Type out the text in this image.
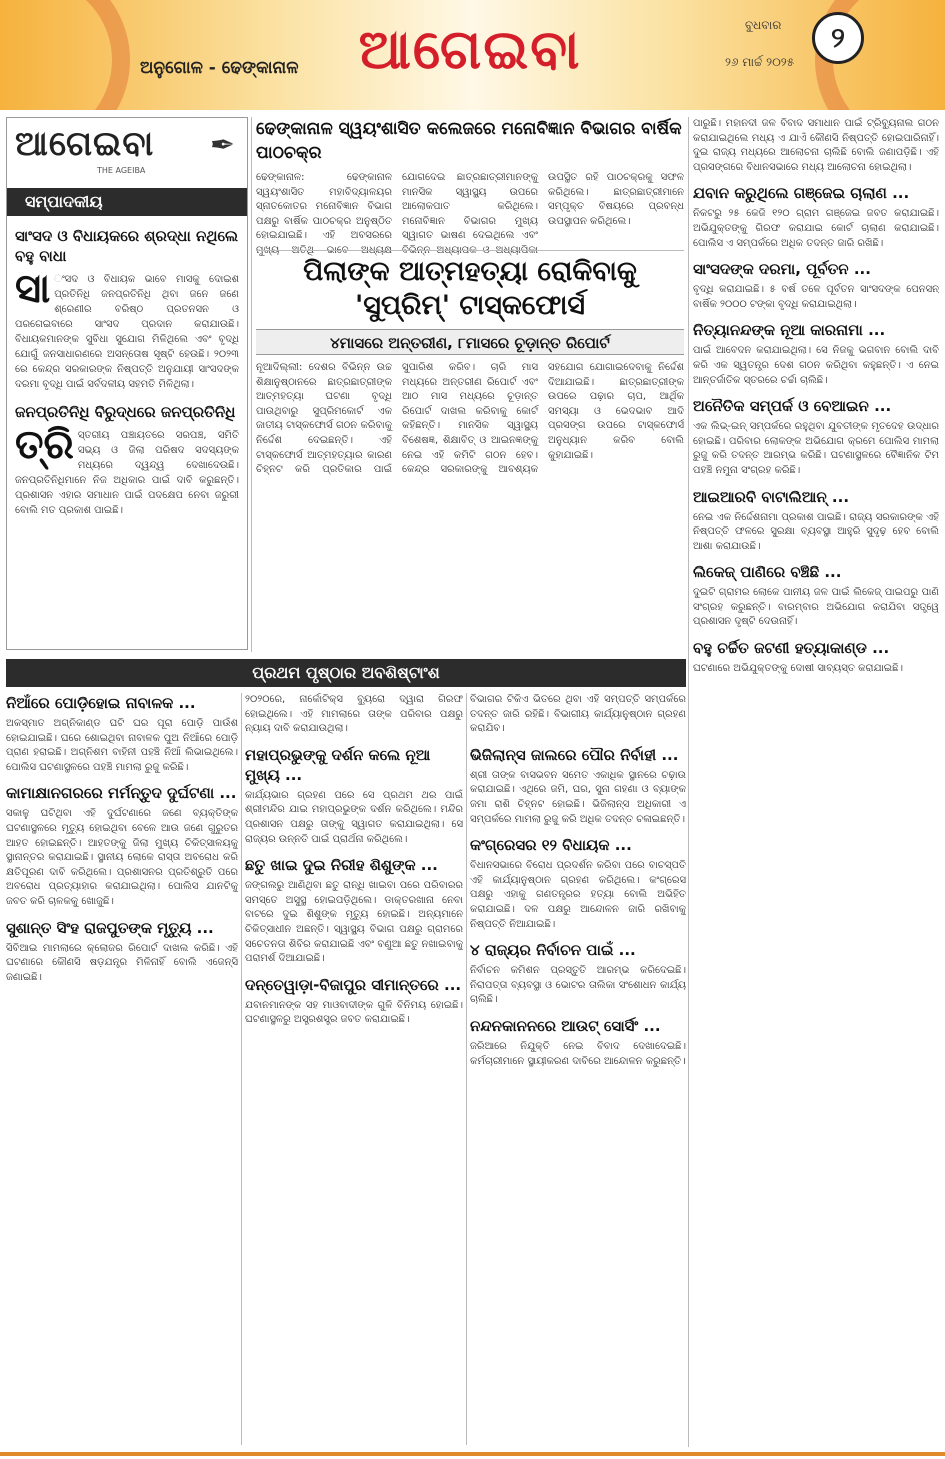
ଅନୁଗୋଳ - ଢେଙ୍କାନାଳ	ଆଗେଇବା	ବୁଧବାର
୨୬ ମାର୍ଚ୍ଚ ୨୦୨୫
୨
ଆଗେଇବା
THE AGEIBA
✒
ସମ୍ପାଦକୀୟ
ସାଂସଦ ଓ ବିଧାୟକରେ ଶ୍ରଦ୍ଧା ନଥିଲେ ବହୁ ବାଧା

ସା ଂସଦ ଓ ବିଧାୟକ ଭାବେ ମାସକୁ ଦୋଇଶ ପ୍ରତିନିଧି ଜନପ୍ରତିନିଧି ଥିବା ଜନେ ଜଣେ ଶ୍ରେଣୀର ବରିଷ୍ଠ ପ୍ରତନସନ ଓ ପରଗେଇବାରେ ସାଂସଦ ପ୍ରଦାନ କରାଯାଉଛି। ବିଧାୟକମାନଙ୍କ ସୁବିଧା ସୁଯୋଗ ମିଳିଥିଲେ ଏବଂ ବୃଦ୍ଧି ଯୋଗୁଁ ଜନସାଧାରଣରେ ଅସନ୍ତୋଷ ସୃଷ୍ଟି ହେଉଛି। ୨୦୨୩ ରେ କେନ୍ଦ୍ର ସରକାରଙ୍କ ନିଷ୍ପତ୍ତି ଅନୁଯାୟୀ ସାଂସଦଙ୍କ ଦରମା ବୃଦ୍ଧି ପାଇଁ ସର୍ବଦଳୀୟ ସହମତି ମିଳିଥିଲା।

ଜନପ୍ରତିନିଧି ବିରୁଦ୍ଧରେ ଜନପ୍ରତିନିଧି

ତ୍ରି ସ୍ତରୀୟ ପଞ୍ଚାୟତରେ ସରପଞ୍ଚ, ସମିତି ସଭ୍ୟ ଓ ଜିଲା ପରିଷଦ ସଦସ୍ୟଙ୍କ ମଧ୍ୟରେ ଦ୍ୱନ୍ଦ୍ୱ ଦେଖାଦେଉଛି। ଜନପ୍ରତିନିଧିମାନେ ନିଜ ଅଧିକାର ପାଇଁ ଦାବି କରୁଛନ୍ତି। ପ୍ରଶାସନ ଏହାର ସମାଧାନ ପାଇଁ ପଦକ୍ଷେପ ନେବା ଜରୁରୀ ବୋଲି ମତ ପ୍ରକାଶ ପାଇଛି।

ଢେଙ୍କାନାଳ ସ୍ୱୟଂଶାସିତ କଲେଜରେ ମନୋବିଜ୍ଞାନ ବିଭାଗର ବାର୍ଷିକ ପାଠଚକ୍ର

ଢେଙ୍କାନାଳ: ଢେଙ୍କାନାଳ ସ୍ୱୟଂଶାସିତ ମହାବିଦ୍ୟାଳୟର ସ୍ନାତକୋତର ମନୋବିଜ୍ଞାନ ବିଭାଗ ପକ୍ଷରୁ ବାର୍ଷିକ ପାଠଚକ୍ର ଅନୁଷ୍ଠିତ ହୋଇଯାଇଛି। ଏହି ଅବସରରେ ଯୋଗଦେଇ ଛାତ୍ରଛାତ୍ରୀମାନଙ୍କୁ ମାନସିକ ସ୍ୱାସ୍ଥ୍ୟ ଉପରେ ଆଲୋକପାତ କରିଥିଲେ। ମନୋବିଜ୍ଞାନ ବିଭାଗର ମୁଖ୍ୟ ସ୍ୱାଗତ ଭାଷଣ ଦେଇଥିଲେ ଏବଂ ଉପସ୍ଥିତ ରହି ପାଠଚକ୍ରକୁ ସଫଳ କରିଥିଲେ। ଛାତ୍ରଛାତ୍ରୀମାନେ ସମ୍ପୃକ୍ତ ବିଷୟରେ ପ୍ରବନ୍ଧ ଉପସ୍ଥାପନ କରିଥିଲେ।

ପିଲାଙ୍କ ଆତ୍ମହତ୍ୟା ରୋକିବାକୁ 'ସୁପ୍ରିମ୍' ଟାସ୍କଫୋର୍ସ
୪ମାସରେ ଅନ୍ତରୀଣ, ୮ମାସରେ ଚୂଡ଼ାନ୍ତ ରିପୋର୍ଟ

ନୂଆଦିଲ୍ଲୀ: ଦେଶର ବିଭିନ୍ନ ଉଚ୍ଚ ଶିକ୍ଷାନୁଷ୍ଠାନରେ ଛାତ୍ରଛାତ୍ରୀଙ୍କ ଆତ୍ମହତ୍ୟା ଘଟଣା ବୃଦ୍ଧି ପାଉଥିବାରୁ ସୁପ୍ରିମକୋର୍ଟ ଏକ ଜାତୀୟ ଟାସ୍କଫୋର୍ସ ଗଠନ କରିବାକୁ ନିର୍ଦ୍ଦେଶ ଦେଇଛନ୍ତି। ଏହି ଟାସ୍କଫୋର୍ସ ଆତ୍ମହତ୍ୟାର କାରଣ ଚିହ୍ନଟ କରି ପ୍ରତିକାର ପାଇଁ ସୁପାରିଶ କରିବ। ଚାରି ମାସ ମଧ୍ୟରେ ଅନ୍ତରୀଣ ରିପୋର୍ଟ ଏବଂ ଆଠ ମାସ ମଧ୍ୟରେ ଚୂଡ଼ାନ୍ତ ରିପୋର୍ଟ ଦାଖଲ କରିବାକୁ କୋର୍ଟ କହିଛନ୍ତି। ମାନସିକ ସ୍ୱାସ୍ଥ୍ୟ ବିଶେଷଜ୍ଞ, ଶିକ୍ଷାବିତ୍ ଓ ଆଇନଜ୍ଞଙ୍କୁ ନେଇ ଏହି କମିଟି ଗଠନ ହେବ। କେନ୍ଦ୍ର ସରକାରଙ୍କୁ ଆବଶ୍ୟକ ସହଯୋଗ ଯୋଗାଇଦେବାକୁ ନିର୍ଦ୍ଦେଶ ଦିଆଯାଇଛି। ଛାତ୍ରଛାତ୍ରୀଙ୍କ ଉପରେ ପଢ଼ାର ଚାପ, ଆର୍ଥିକ ସମସ୍ୟା ଓ ଭେଦଭାବ ଆଦି ପ୍ରସଙ୍ଗ ଉପରେ ଟାସ୍କଫୋର୍ସ ଅନୁଧ୍ୟାନ କରିବ ବୋଲି କୁହାଯାଇଛି।

ପାରୁଛି। ମହାନଦୀ ଜଳ ବିବାଦ ସମାଧାନ ପାଇଁ ଟ୍ରିବ୍ୟୁନାଲ ଗଠନ କରାଯାଇଥିଲେ ମଧ୍ୟ ଏ ଯାଏଁ କୌଣସି ନିଷ୍ପତ୍ତି ହୋଇପାରିନାହିଁ। ଦୁଇ ରାଜ୍ୟ ମଧ୍ୟରେ ଆଲୋଚନା ଚାଲିଛି ବୋଲି ଜଣାପଡ଼ିଛି। ଏହି ପ୍ରସଙ୍ଗରେ ବିଧାନସଭାରେ ମଧ୍ୟ ଆଲୋଚନା ହୋଇଥିଲା।

ଯବାନ କରୁଥିଲେ ଗଞ୍ଜେଇ ଚାଲାଣ ...

ନିକଟରୁ ୨୫ କେଜି ୧୨୦ ଗ୍ରାମ ଗଞ୍ଜେଇ ଜବତ କରାଯାଇଛି। ଅଭିଯୁକ୍ତଙ୍କୁ ଗିରଫ କରାଯାଇ କୋର୍ଟ ଚାଲାଣ କରାଯାଇଛି। ପୋଲିସ ଏ ସମ୍ପର୍କରେ ଅଧିକ ତଦନ୍ତ ଜାରି ରଖିଛି।

ସାଂସଦଙ୍କ ଦରମା, ପୂର୍ବତନ ...

ବୃଦ୍ଧି କରାଯାଇଛି। ୫ ବର୍ଷ ତଳେ ପୂର୍ବତନ ସାଂସଦଙ୍କ ପେନସନ୍ ବାର୍ଷିକ ୨୦୦୦ ଟଙ୍କା ବୃଦ୍ଧି କରାଯାଇଥିଲା।

ନିତ୍ୟାନନ୍ଦଙ୍କ ନୂଆ କାରନାମା ...

ପାଇଁ ଆବେଦନ କରାଯାଇଥିଲା। ସେ ନିଜକୁ ଭଗବାନ ବୋଲି ଦାବି କରି ଏକ ସ୍ୱତନ୍ତ୍ର ଦେଶ ଗଠନ କରିଥିବା କହୁଛନ୍ତି। ଏ ନେଇ ଆନ୍ତର୍ଜାତିକ ସ୍ତରରେ ଚର୍ଚ୍ଚା ଚାଲିଛି।

ଅନୈତିକ ସମ୍ପର୍କ ଓ ବେଆଇନ ...

ଏକ ଲିଭ୍-ଇନ୍ ସମ୍ପର୍କରେ ରହୁଥିବା ଯୁବତୀଙ୍କ ମୃତଦେହ ଉଦ୍ଧାର ହୋଇଛି। ପରିବାର ଲୋକଙ୍କ ଅଭିଯୋଗ କ୍ରମେ ପୋଲିସ ମାମଲା ରୁଜୁ କରି ତଦନ୍ତ ଆରମ୍ଭ କରିଛି। ଘଟଣାସ୍ଥଳରେ ବୈଜ୍ଞାନିକ ଟିମ ପହଞ୍ଚି ନମୁନା ସଂଗ୍ରହ କରିଛି।

ଆଇଆରବି ବାଟାଲିଆନ୍ ...

ନେଇ ଏକ ନିର୍ଦ୍ଦେଶନାମା ପ୍ରକାଶ ପାଇଛି। ରାଜ୍ୟ ସରକାରଙ୍କ ଏହି ନିଷ୍ପତ୍ତି ଫଳରେ ସୁରକ୍ଷା ବ୍ୟବସ୍ଥା ଆହୁରି ସୁଦୃଢ଼ ହେବ ବୋଲି ଆଶା କରାଯାଉଛି।

ଲିକେଜ୍ ପାଣିରେ ବଞ୍ଚିଛି ...

ଦୁଇଟି ଗ୍ରାମର ଲୋକେ ପାନୀୟ ଜଳ ପାଇଁ ଲିକେଜ୍ ପାଇପରୁ ପାଣି ସଂଗ୍ରହ କରୁଛନ୍ତି। ବାରମ୍ବାର ଅଭିଯୋଗ କରାଯିବା ସତ୍ତ୍ୱେ ପ୍ରଶାସନ ଦୃଷ୍ଟି ଦେଉନାହିଁ।

ବହୁ ଚର୍ଚ୍ଚିତ ଜଟଣୀ ହତ୍ୟାକାଣ୍ଡ ...

ଘଟଣାରେ ଅଭିଯୁକ୍ତଙ୍କୁ ଦୋଷୀ ସାବ୍ୟସ୍ତ କରାଯାଇଛି।

ପ୍ରଥମ ପୃଷ୍ଠାର ଅବଶିଷ୍ଟାଂଶ
ନିଆଁରେ ପୋଡ଼ିହୋଇ ନାବାଳକ ...

ଅକସ୍ମାତ ଅଗ୍ନିକାଣ୍ଡ ଘଟି ଘର ପୂରା ପୋଡ଼ି ପାଉଁଶ ହୋଇଯାଇଛି। ଘରେ ଶୋଇଥିବା ନାବାଳକ ପୁଅ ନିଆଁରେ ପୋଡ଼ି ପ୍ରାଣ ହରାଇଛି। ଅଗ୍ନିଶମ ବାହିନୀ ପହଞ୍ଚି ନିଆଁ ଲିଭାଇଥିଲେ। ପୋଲିସ ଘଟଣାସ୍ଥଳରେ ପହଞ୍ଚି ମାମଲା ରୁଜୁ କରିଛି।

କାମାକ୍ଷାନଗରରେ ମର୍ମନ୍ତୁଦ ଦୁର୍ଘଟଣା ...

ସକାଳୁ ଘଟିଥିବା ଏହି ଦୁର୍ଘଟଣାରେ ଜଣେ ବ୍ୟକ୍ତିଙ୍କ ଘଟଣାସ୍ଥଳରେ ମୃତ୍ୟୁ ହୋଇଥିବା ବେଳେ ଆଉ ଜଣେ ଗୁରୁତର ଆହତ ହୋଇଛନ୍ତି। ଆହତଙ୍କୁ ଜିଲା ମୁଖ୍ୟ ଚିକିତ୍ସାଳୟକୁ ସ୍ଥାନାନ୍ତର କରାଯାଇଛି। ସ୍ଥାନୀୟ ଲୋକେ ରାସ୍ତା ଅବରୋଧ କରି କ୍ଷତିପୂରଣ ଦାବି କରିଥିଲେ। ପ୍ରଶାସନର ପ୍ରତିଶ୍ରୁତି ପରେ ଅବରୋଧ ପ୍ରତ୍ୟାହାର କରାଯାଇଥିଲା। ପୋଲିସ ଯାନଟିକୁ ଜବତ କରି ଚାଳକକୁ ଖୋଜୁଛି।

ସୁଶାନ୍ତ ସିଂହ ରାଜପୁତଙ୍କ ମୃତ୍ୟୁ ...

ସିବିଆଇ ମାମଲାରେ କ୍ଲୋଜର ରିପୋର୍ଟ ଦାଖଲ କରିଛି। ଏହି ଘଟଣାରେ କୌଣସି ଷଡ଼ଯନ୍ତ୍ର ମିଳିନାହିଁ ବୋଲି ଏଜେନ୍ସି ଜଣାଇଛି।

୨୦୨୦ରେ, ନାର୍କୋଟିକ୍ସ ବ୍ୟୁରୋ ଦ୍ୱାରା ଗିରଫ ହୋଇଥିଲେ। ଏହି ମାମଲାରେ ତାଙ୍କ ପରିବାର ପକ୍ଷରୁ ନ୍ୟାୟ ଦାବି କରାଯାଉଥିଲା।

ମହାପ୍ରଭୁଙ୍କୁ ଦର୍ଶନ କଲେ ନୂଆ ମୁଖ୍ୟ ...

କାର୍ଯ୍ୟଭାର ଗ୍ରହଣ ପରେ ସେ ପ୍ରଥମ ଥର ପାଇଁ ଶ୍ରୀମନ୍ଦିର ଯାଇ ମହାପ୍ରଭୁଙ୍କ ଦର୍ଶନ କରିଥିଲେ। ମନ୍ଦିର ପ୍ରଶାସନ ପକ୍ଷରୁ ତାଙ୍କୁ ସ୍ୱାଗତ କରାଯାଇଥିଲା। ସେ ରାଜ୍ୟର ଉନ୍ନତି ପାଇଁ ପ୍ରାର୍ଥନା କରିଥିଲେ।

ଛତୁ ଖାଇ ଦୁଇ ନିରୀହ ଶିଶୁଙ୍କ ...

ଜଙ୍ଗଲରୁ ଆଣିଥିବା ଛତୁ ରାନ୍ଧି ଖାଇବା ପରେ ପରିବାରର ସମସ୍ତେ ଅସୁସ୍ଥ ହୋଇପଡ଼ିଥିଲେ। ଡାକ୍ତରଖାନା ନେବା ବାଟରେ ଦୁଇ ଶିଶୁଙ୍କ ମୃତ୍ୟୁ ହୋଇଛି। ଅନ୍ୟମାନେ ଚିକିତ୍ସାଧୀନ ଅଛନ୍ତି। ସ୍ୱାସ୍ଥ୍ୟ ବିଭାଗ ପକ୍ଷରୁ ଗ୍ରାମରେ ସଚେତନତା ଶିବିର କରାଯାଇଛି ଏବଂ ବଣୁଆ ଛତୁ ନଖାଇବାକୁ ପରାମର୍ଶ ଦିଆଯାଇଛି।

ଦନ୍ତେୱାଡ଼ା-ବିଜାପୁର ସୀମାନ୍ତରେ ...

ଯବାନମାନଙ୍କ ସହ ମାଓବାଦୀଙ୍କ ଗୁଳି ବିନିମୟ ହୋଇଛି। ଘଟଣାସ୍ଥଳରୁ ଅସ୍ତ୍ରଶସ୍ତ୍ର ଜବତ କରାଯାଇଛି।

ବିଭାଗର ଟିକିଏ ଭିତରେ ଥିବା ଏହି ସମ୍ପତ୍ତି ସମ୍ପର୍କରେ ତଦନ୍ତ ଜାରି ରହିଛି। ବିଭାଗୀୟ କାର୍ଯ୍ୟାନୁଷ୍ଠାନ ଗ୍ରହଣ କରାଯିବ।

ଭିଜିଲାନ୍ସ ଜାଲରେ ପୌର ନିର୍ବାହୀ ...

ଶ୍ରୀ ତାଙ୍କ ବାସଭବନ ସମେତ ଏକାଧିକ ସ୍ଥାନରେ ଚଢ଼ାଉ କରାଯାଇଛି। ଏଥିରେ ଜମି, ଘର, ସୁନା ଗହଣା ଓ ବ୍ୟାଙ୍କ ଜମା ରାଶି ଚିହ୍ନଟ ହୋଇଛି। ଭିଜିଲାନ୍ସ ଅଧିକାରୀ ଏ ସମ୍ପର୍କରେ ମାମଲା ରୁଜୁ କରି ଅଧିକ ତଦନ୍ତ ଚଳାଇଛନ୍ତି।

କଂଗ୍ରେସର ୧୨ ବିଧାୟକ ...

ବିଧାନସଭାରେ ବିରୋଧ ପ୍ରଦର୍ଶନ କରିବା ପରେ ବାଚସ୍ପତି ଏହି କାର୍ଯ୍ୟାନୁଷ୍ଠାନ ଗ୍ରହଣ କରିଥିଲେ। କଂଗ୍ରେସ ପକ୍ଷରୁ ଏହାକୁ ଗଣତନ୍ତ୍ରର ହତ୍ୟା ବୋଲି ଅଭିହିତ କରାଯାଇଛି। ଦଳ ପକ୍ଷରୁ ଆନ୍ଦୋଳନ ଜାରି ରଖିବାକୁ ନିଷ୍ପତ୍ତି ନିଆଯାଇଛି।

୪ ରାଜ୍ୟର ନିର୍ବାଚନ ପାଇଁ ...

ନିର୍ବାଚନ କମିଶନ ପ୍ରସ୍ତୁତି ଆରମ୍ଭ କରିଦେଇଛି। ନିରାପତ୍ତା ବ୍ୟବସ୍ଥା ଓ ଭୋଟର ତାଲିକା ସଂଶୋଧନ କାର୍ଯ୍ୟ ଚାଲିଛି।

ନନ୍ଦନକାନନରେ ଆଉଟ୍ ସୋର୍ସିଂ ...

ଜରିଆରେ ନିଯୁକ୍ତି ନେଇ ବିବାଦ ଦେଖାଦେଇଛି। କର୍ମଚାରୀମାନେ ସ୍ଥାୟୀକରଣ ଦାବିରେ ଆନ୍ଦୋଳନ କରୁଛନ୍ତି।
